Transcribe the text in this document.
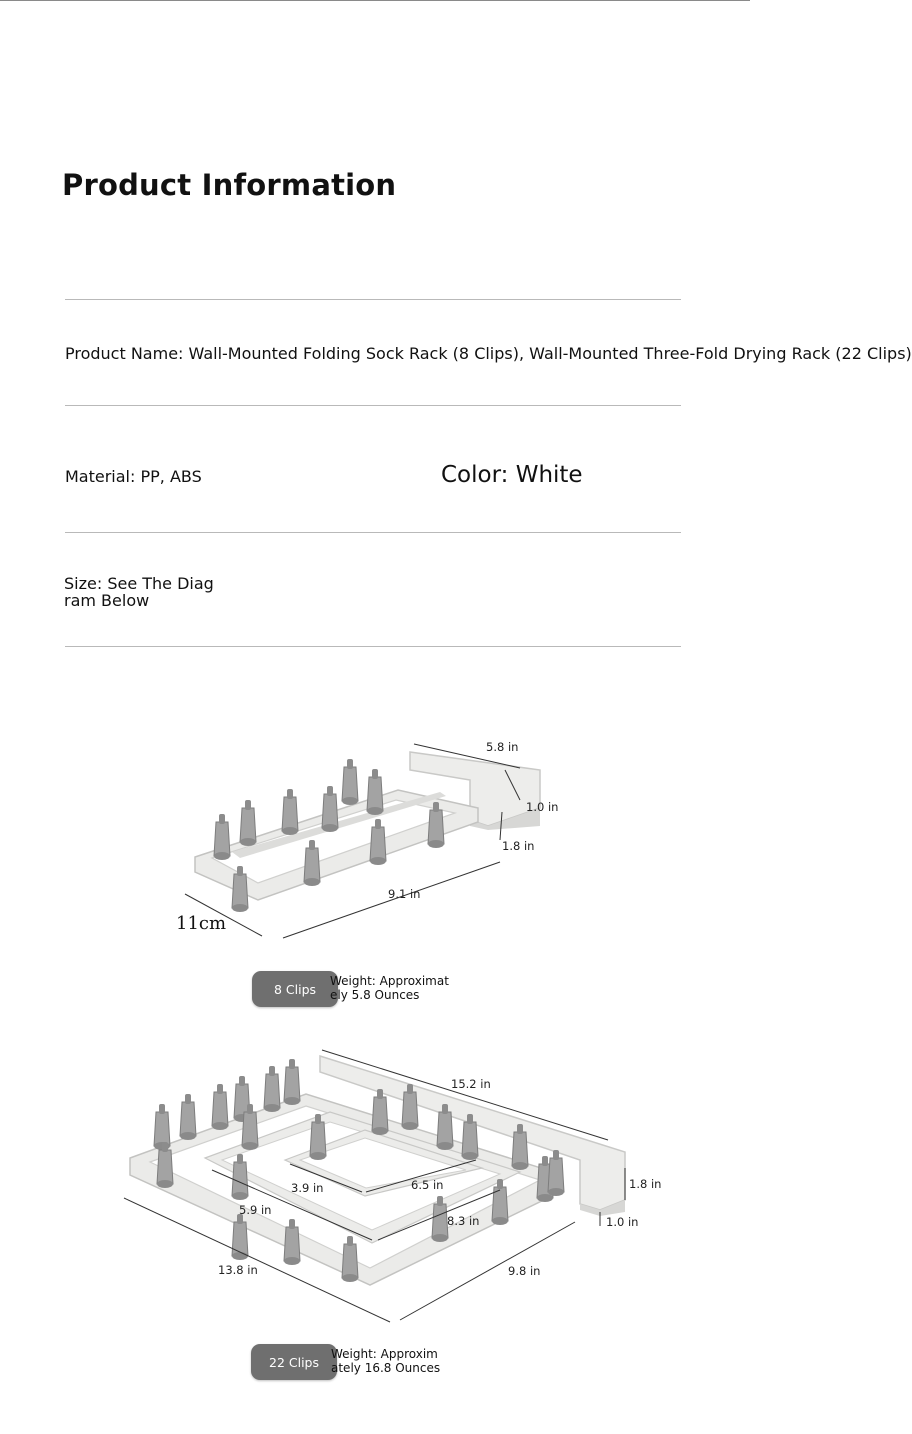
Product Information
Product Name: Wall-Mounted Folding Sock Rack (8 Clips), Wall-Mounted Three-Fold Drying Rack (22 Clips)
Material: PP, ABS	Color: White
Size: See The Diagram Below
5.8 in
1.0 in
1.8 in
9.1 in
11cm
15.2 in
1.8 in
1.0 in
3.9 in	6.5 in
5.9 in
8.3 in
13.8 in	9.8 in
8 Clips
Weight: Approximately 5.8 Ounces
22 Clips
Weight: Approximately 16.8 Ounces
